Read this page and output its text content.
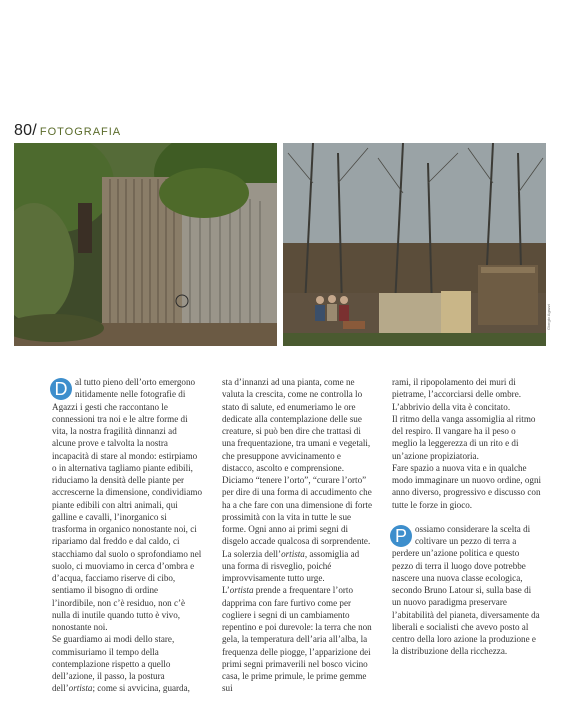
80/ FOTOGRAFIA
Giorgio Agazzi

D al tutto pieno dell’orto emergono nitidamente nelle fotografie di Agazzi i gesti che raccontano le connessioni tra noi e le altre forme di vita, la nostra fragilità dinnanzi ad alcune prove e talvolta la nostra incapacità di stare al mondo: estirpiamo o in alternativa tagliamo piante edibili, riduciamo la densità delle piante per accrescerne la dimensione, condividiamo piante edibili con altri animali, qui galline e cavalli, l’inorganico si trasforma in organico nonostante noi, ci ripariamo dal freddo e dal caldo, ci stacchiamo dal suolo o sprofondiamo nel suolo, ci muoviamo in cerca d’ombra e d’acqua, facciamo riserve di cibo, sentiamo il bisogno di ordine l’inordibile, non c’è residuo, non c’è nulla di inutile quando tutto è vivo, nonostante noi.

Se guardiamo ai modi dello stare, commisuriamo il tempo della contemplazione rispetto a quello dell’azione, il passo, la postura dell’ortista; come si avvicina, guarda,

sta d’innanzi ad una pianta, come ne valuta la crescita, come ne controlla lo stato di salute, ed enumeriamo le ore dedicate alla contemplazione delle sue creature, si può ben dire che trattasi di una frequentazione, tra umani e vegetali, che presuppone avvicinamento e distacco, ascolto e comprensione.

Diciamo “tenere l’orto”, “curare l’orto” per dire di una forma di accudimento che ha a che fare con una dimensione di forte prossimità con la vita in tutte le sue forme. Ogni anno ai primi segni di disgelo accade qualcosa di sorprendente.

La solerzia dell’ortista, assomiglia ad una forma di risveglio, poiché improvvisamente tutto urge.

L’ortista prende a frequentare l’orto dapprima con fare furtivo come per cogliere i segni di un cambiamento repentino e poi durevole: la terra che non gela, la temperatura dell’aria all’alba, la frequenza delle piogge, l’apparizione dei primi segni primaverili nel bosco vicino casa, le prime primule, le prime gemme sui

rami, il ripopolamento dei muri di pietrame, l’accorciarsi delle ombre. L’abbrivio della vita è concitato.

Il ritmo della vanga assomiglia al ritmo del respiro. Il vangare ha il peso o meglio la leggerezza di un rito e di un’azione propiziatoria.

Fare spazio a nuova vita e in qualche modo immaginare un nuovo ordine, ogni anno diverso, progressivo e discusso con tutte le forze in gioco.

P ossiamo considerare la scelta di coltivare un pezzo di terra a perdere un’azione politica e questo pezzo di terra il luogo dove potrebbe nascere una nuova classe ecologica, secondo Bruno Latour si, sulla base di un nuovo paradigma preservare l’abitabilità del pianeta, diversamente da liberali e socialisti che avevo posto al centro della loro azione la produzione e la distribuzione della ricchezza.
